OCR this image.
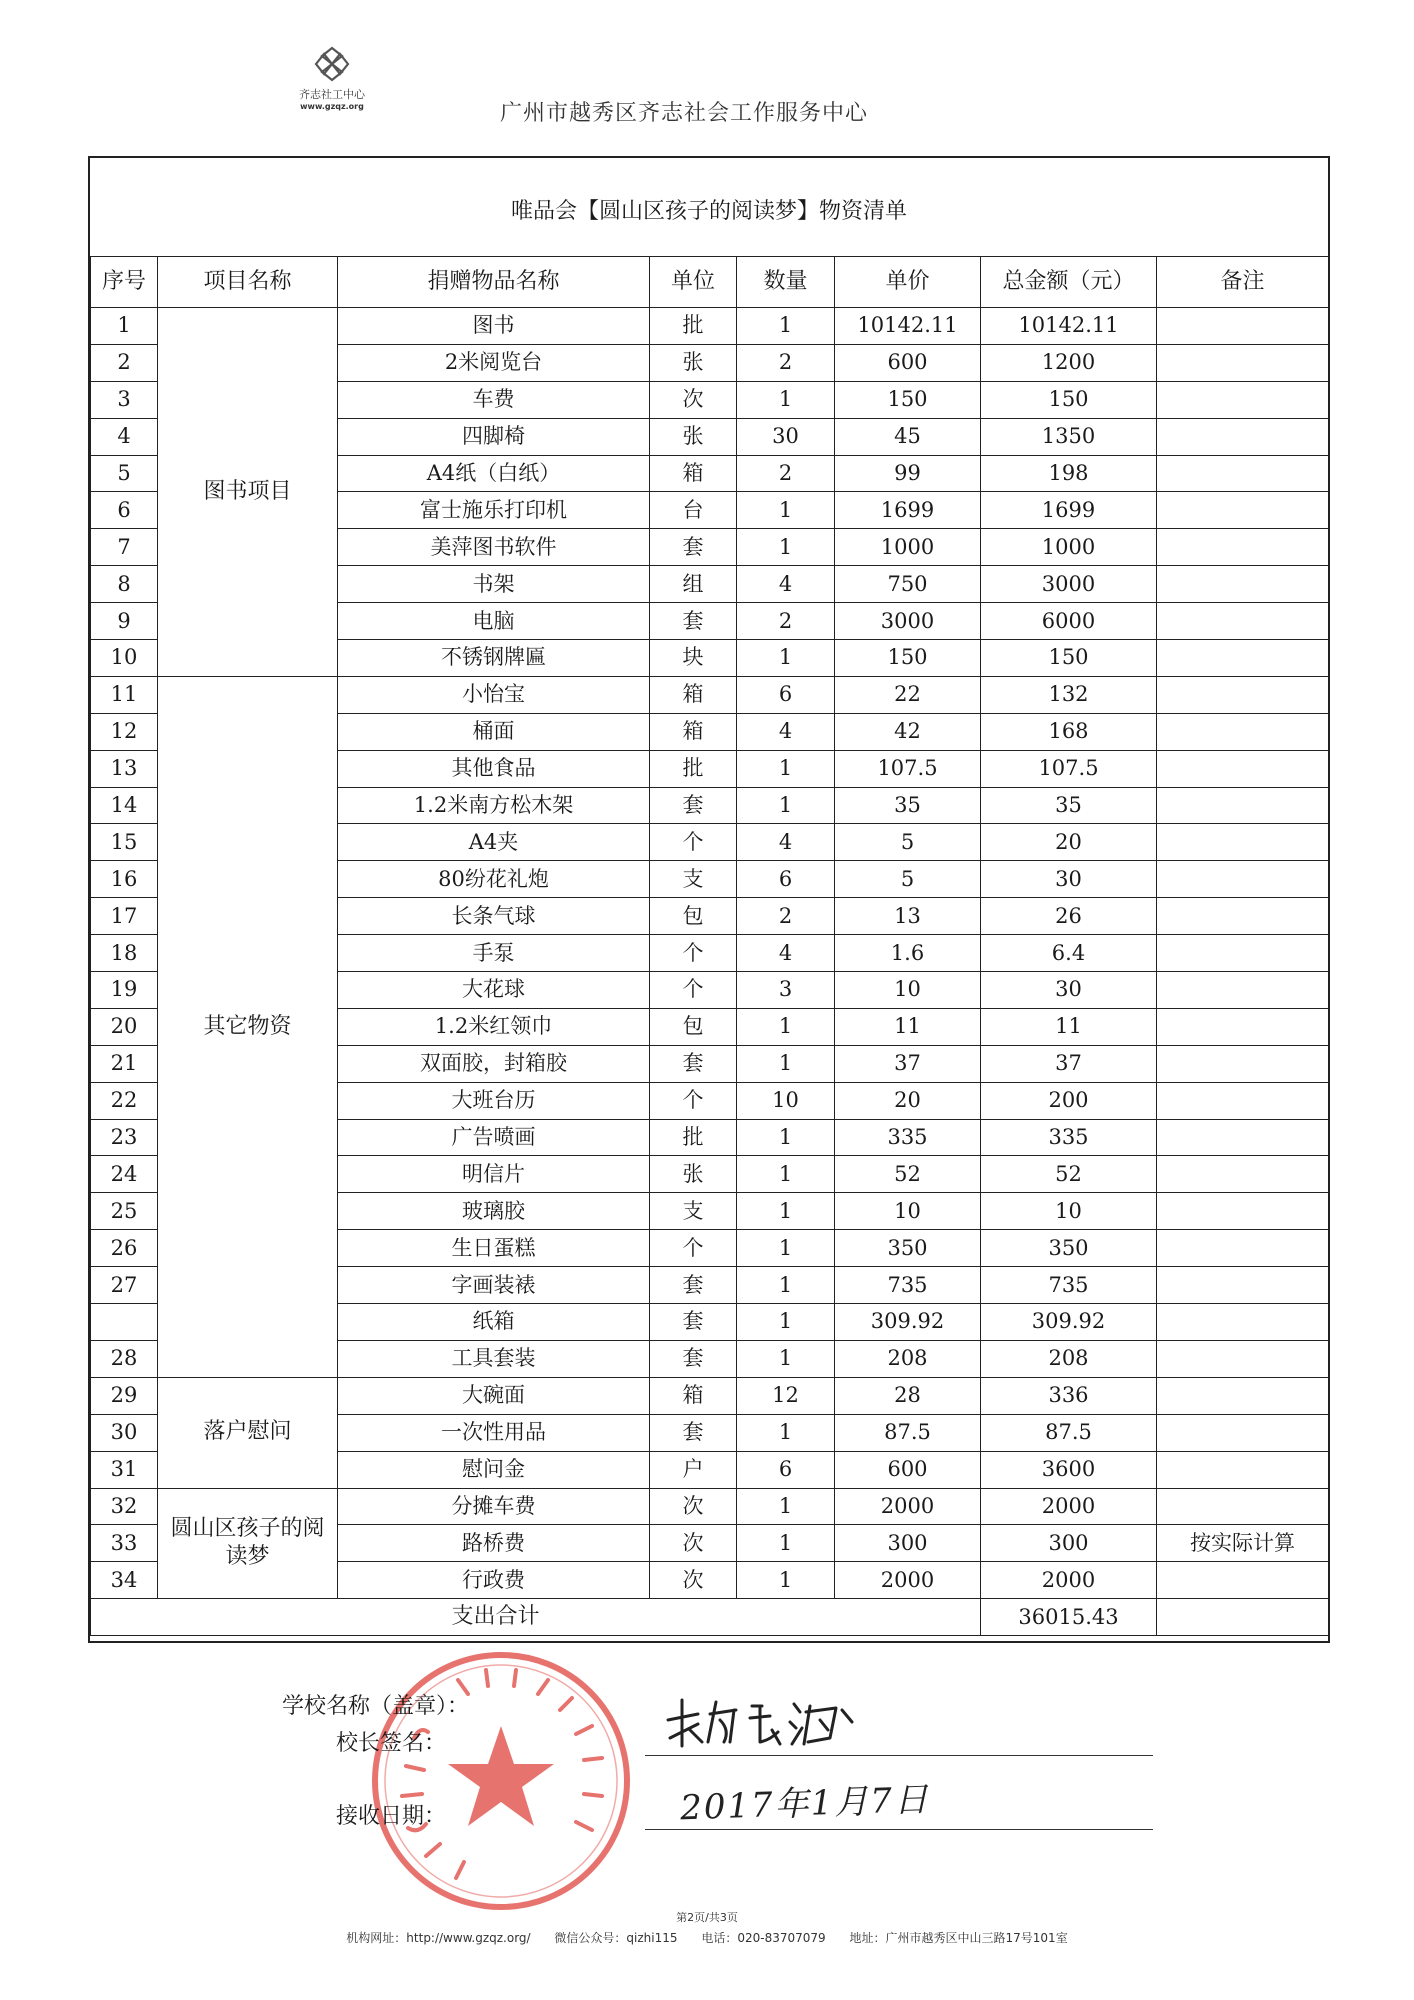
齐志社工中心
www.gzqz.org	广州市越秀区齐志社会工作服务中心
唯品会【圆山区孩子的阅读梦】物资清单
序号	项目名称	捐赠物品名称	单位	数量	单价	总金额（元）	备注
1	图书项目	图书	批	1	10142.11	10142.11	
2		2米阅览台	张	2	600	1200	
3		车费	次	1	150	150	
4		四脚椅	张	30	45	1350	
5		A4纸（白纸）	箱	2	99	198	
6		富士施乐打印机	台	1	1699	1699	
7		美萍图书软件	套	1	1000	1000	
8		书架	组	4	750	3000	
9		电脑	套	2	3000	6000	
10		不锈钢牌匾	块	1	150	150	
11	其它物资	小怡宝	箱	6	22	132	
12		桶面	箱	4	42	168	
13		其他食品	批	1	107.5	107.5	
14		1.2米南方松木架	套	1	35	35	
15		A4夹	个	4	5	20	
16		80纷花礼炮	支	6	5	30	
17		长条气球	包	2	13	26	
18		手泵	个	4	1.6	6.4	
19		大花球	个	3	10	30	
20		1.2米红领巾	包	1	11	11	
21		双面胶，封箱胶	套	1	37	37	
22		大班台历	个	10	20	200	
23		广告喷画	批	1	335	335	
24		明信片	张	1	52	52	
25		玻璃胶	支	1	10	10	
26		生日蛋糕	个	1	350	350	
27		字画装裱	套	1	735	735	
		纸箱	套	1	309.92	309.92	
28		工具套装	套	1	208	208	
29	落户慰问	大碗面	箱	12	28	336	
30		一次性用品	套	1	87.5	87.5	
31		慰问金	户	6	600	3600	
32	圆山区孩子的阅读梦	分摊车费	次	1	2000	2000	
33		路桥费	次	1	300	300	按实际计算
34		行政费	次	1	2000	2000	
支出合计						36015.43	
学校名称（盖章）：
校长签名：
接收日期：	2017年1月7日
第2页/共3页
机构网址：http://www.gzqz.org/ 微信公众号：qizhi115 电话：020-83707079 地址：广州市越秀区中山三路17号101室
